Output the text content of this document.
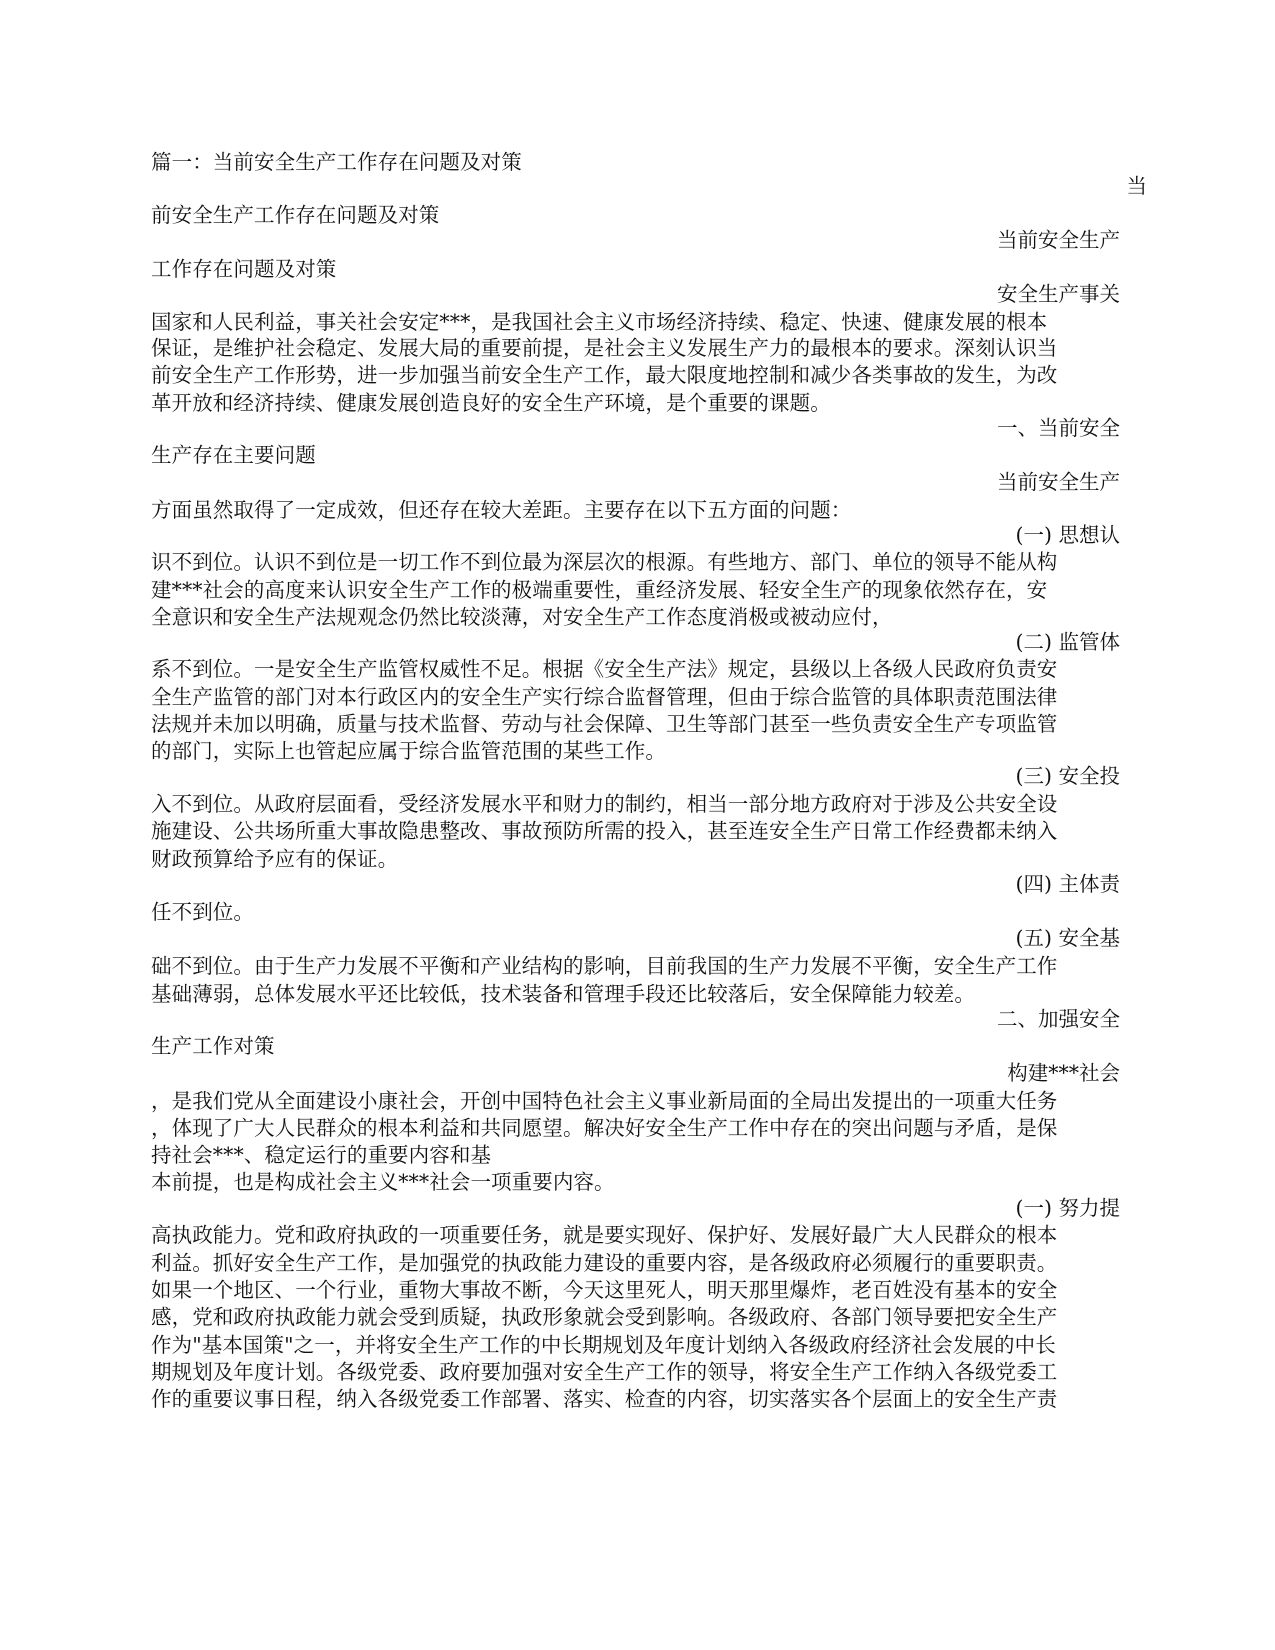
篇一：当前安全生产工作存在问题及对策
当
前安全生产工作存在问题及对策
当前安全生产
工作存在问题及对策
安全生产事关
国家和人民利益，事关社会安定***，是我国社会主义市场经济持续、稳定、快速、健康发展的根本
保证，是维护社会稳定、发展大局的重要前提，是社会主义发展生产力的最根本的要求。深刻认识当
前安全生产工作形势，进一步加强当前安全生产工作，最大限度地控制和减少各类事故的发生，为改
革开放和经济持续、健康发展创造良好的安全生产环境，是个重要的课题。
一、当前安全
生产存在主要问题
当前安全生产
方面虽然取得了一定成效，但还存在较大差距。主要存在以下五方面的问题：
(一) 思想认
识不到位。认识不到位是一切工作不到位最为深层次的根源。有些地方、部门、单位的领导不能从构
建***社会的高度来认识安全生产工作的极端重要性，重经济发展、轻安全生产的现象依然存在，安
全意识和安全生产法规观念仍然比较淡薄，对安全生产工作态度消极或被动应付，
(二) 监管体
系不到位。一是安全生产监管权威性不足。根据《安全生产法》规定，县级以上各级人民政府负责安
全生产监管的部门对本行政区内的安全生产实行综合监督管理，但由于综合监管的具体职责范围法律
法规并未加以明确，质量与技术监督、劳动与社会保障、卫生等部门甚至一些负责安全生产专项监管
的部门，实际上也管起应属于综合监管范围的某些工作。
(三) 安全投
入不到位。从政府层面看，受经济发展水平和财力的制约，相当一部分地方政府对于涉及公共安全设
施建设、公共场所重大事故隐患整改、事故预防所需的投入，甚至连安全生产日常工作经费都未纳入
财政预算给予应有的保证。
(四) 主体责
任不到位。
(五) 安全基
础不到位。由于生产力发展不平衡和产业结构的影响，目前我国的生产力发展不平衡，安全生产工作
基础薄弱，总体发展水平还比较低，技术装备和管理手段还比较落后，安全保障能力较差。
二、加强安全
生产工作对策
构建***社会
，是我们党从全面建设小康社会，开创中国特色社会主义事业新局面的全局出发提出的一项重大任务
，体现了广大人民群众的根本利益和共同愿望。解决好安全生产工作中存在的突出问题与矛盾，是保
持社会***、稳定运行的重要内容和基
本前提，也是构成社会主义***社会一项重要内容。
(一) 努力提
高执政能力。党和政府执政的一项重要任务，就是要实现好、保护好、发展好最广大人民群众的根本
利益。抓好安全生产工作，是加强党的执政能力建设的重要内容，是各级政府必须履行的重要职责。
如果一个地区、一个行业，重物大事故不断，今天这里死人，明天那里爆炸，老百姓没有基本的安全
感，党和政府执政能力就会受到质疑，执政形象就会受到影响。各级政府、各部门领导要把安全生产
作为"基本国策"之一，并将安全生产工作的中长期规划及年度计划纳入各级政府经济社会发展的中长
期规划及年度计划。各级党委、政府要加强对安全生产工作的领导，将安全生产工作纳入各级党委工
作的重要议事日程，纳入各级党委工作部署、落实、检查的内容，切实落实各个层面上的安全生产责
